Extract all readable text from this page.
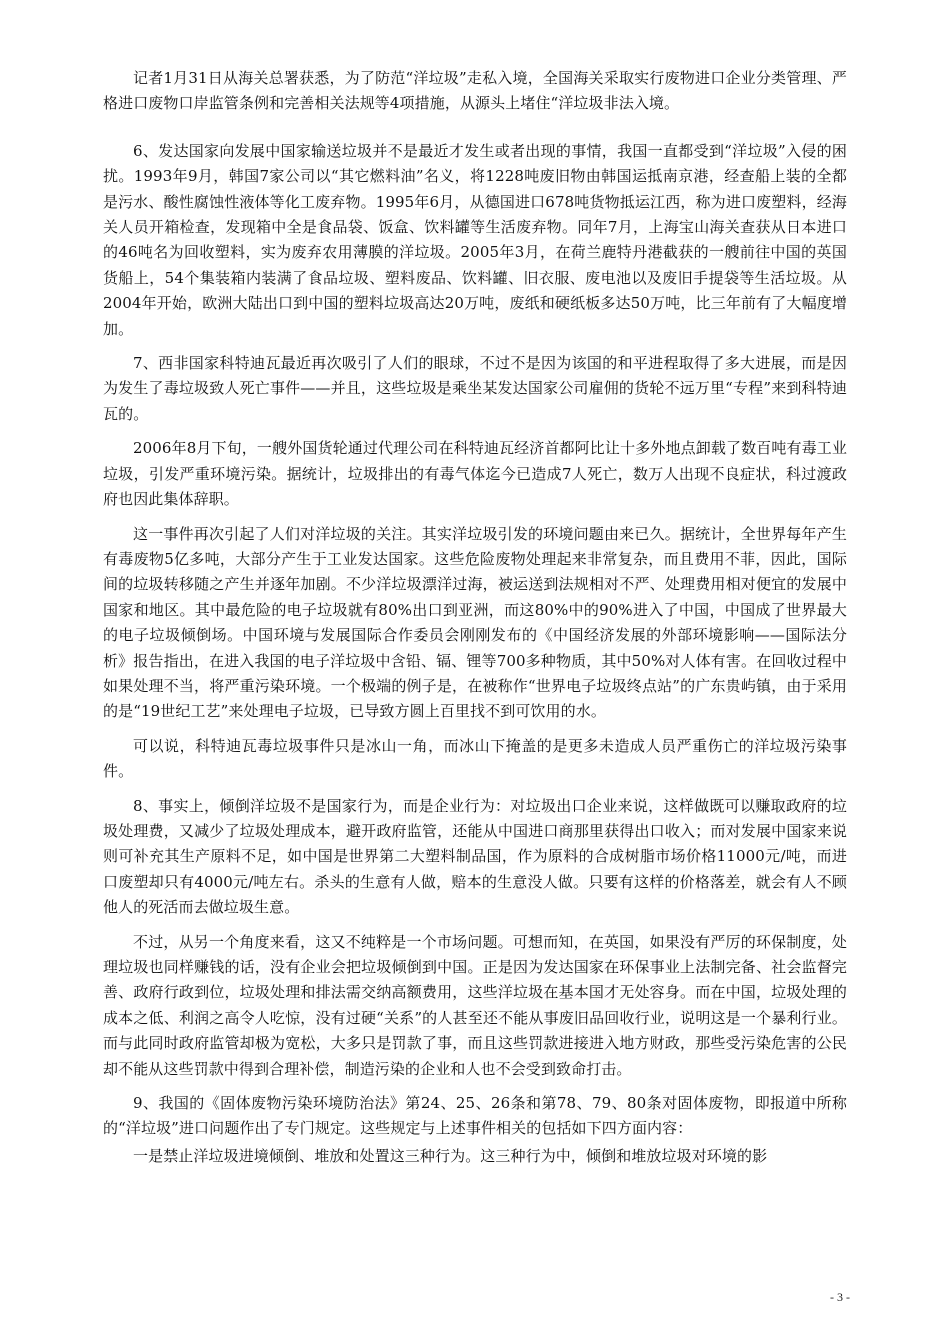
记者1月31日从海关总署获悉，为了防范“洋垃圾”走私入境，全国海关采取实行废物进口企业分类管理、严格进口废物口岸监管条例和完善相关法规等4项措施，从源头上堵住“洋垃圾非法入境。

6、发达国家向发展中国家输送垃圾并不是最近才发生或者出现的事情，我国一直都受到“洋垃圾”入侵的困扰。1993年9月，韩国7家公司以“其它燃料油”名义，将1228吨废旧物由韩国运抵南京港，经查船上装的全都是污水、酸性腐蚀性液体等化工废弃物。1995年6月，从德国进口678吨货物抵运江西，称为进口废塑料，经海关人员开箱检查，发现箱中全是食品袋、饭盒、饮料罐等生活废弃物。同年7月，上海宝山海关查获从日本进口的46吨名为回收塑料，实为废弃农用薄膜的洋垃圾。2005年3月，在荷兰鹿特丹港截获的一艘前往中国的英国货船上，54个集装箱内装满了食品垃圾、塑料废品、饮料罐、旧衣服、废电池以及废旧手提袋等生活垃圾。从2004年开始，欧洲大陆出口到中国的塑料垃圾高达20万吨，废纸和硬纸板多达50万吨，比三年前有了大幅度增加。

7、西非国家科特迪瓦最近再次吸引了人们的眼球，不过不是因为该国的和平进程取得了多大进展，而是因为发生了毒垃圾致人死亡事件——并且，这些垃圾是乘坐某发达国家公司雇佣的货轮不远万里“专程”来到科特迪瓦的。

2006年8月下旬，一艘外国货轮通过代理公司在科特迪瓦经济首都阿比让十多外地点卸载了数百吨有毒工业垃圾，引发严重环境污染。据统计，垃圾排出的有毒气体迄今已造成7人死亡，数万人出现不良症状，科过渡政府也因此集体辞职。

这一事件再次引起了人们对洋垃圾的关注。其实洋垃圾引发的环境问题由来已久。据统计，全世界每年产生有毒废物5亿多吨，大部分产生于工业发达国家。这些危险废物处理起来非常复杂，而且费用不菲，因此，国际间的垃圾转移随之产生并逐年加剧。不少洋垃圾漂洋过海，被运送到法规相对不严、处理费用相对便宜的发展中国家和地区。其中最危险的电子垃圾就有80%出口到亚洲，而这80%中的90%进入了中国，中国成了世界最大的电子垃圾倾倒场。中国环境与发展国际合作委员会刚刚发布的《中国经济发展的外部环境影响——国际法分析》报告指出，在进入我国的电子洋垃圾中含铅、镉、锂等700多种物质，其中50%对人体有害。在回收过程中如果处理不当，将严重污染环境。一个极端的例子是，在被称作“世界电子垃圾终点站”的广东贵屿镇，由于采用的是“19世纪工艺”来处理电子垃圾，已导致方圆上百里找不到可饮用的水。

可以说，科特迪瓦毒垃圾事件只是冰山一角，而冰山下掩盖的是更多未造成人员严重伤亡的洋垃圾污染事件。

8、事实上，倾倒洋垃圾不是国家行为，而是企业行为：对垃圾出口企业来说，这样做既可以赚取政府的垃圾处理费，又减少了垃圾处理成本，避开政府监管，还能从中国进口商那里获得出口收入；而对发展中国家来说则可补充其生产原料不足，如中国是世界第二大塑料制品国，作为原料的合成树脂市场价格11000元/吨，而进口废塑却只有4000元/吨左右。杀头的生意有人做，赔本的生意没人做。只要有这样的价格落差，就会有人不顾他人的死活而去做垃圾生意。

不过，从另一个角度来看，这又不纯粹是一个市场问题。可想而知，在英国，如果没有严厉的环保制度，处理垃圾也同样赚钱的话，没有企业会把垃圾倾倒到中国。正是因为发达国家在环保事业上法制完备、社会监督完善、政府行政到位，垃圾处理和排法需交纳高额费用，这些洋垃圾在基本国才无处容身。而在中国，垃圾处理的成本之低、利润之高令人吃惊，没有过硬“关系”的人甚至还不能从事废旧品回收行业，说明这是一个暴利行业。而与此同时政府监管却极为宽松，大多只是罚款了事，而且这些罚款进接进入地方财政，那些受污染危害的公民却不能从这些罚款中得到合理补偿，制造污染的企业和人也不会受到致命打击。

9、我国的《固体废物污染环境防治法》第24、25、26条和第78、79、80条对固体废物，即报道中所称的“洋垃圾”进口问题作出了专门规定。这些规定与上述事件相关的包括如下四方面内容：

一是禁止洋垃圾进境倾倒、堆放和处置这三种行为。这三种行为中，倾倒和堆放垃圾对环境的影

- 3 -
